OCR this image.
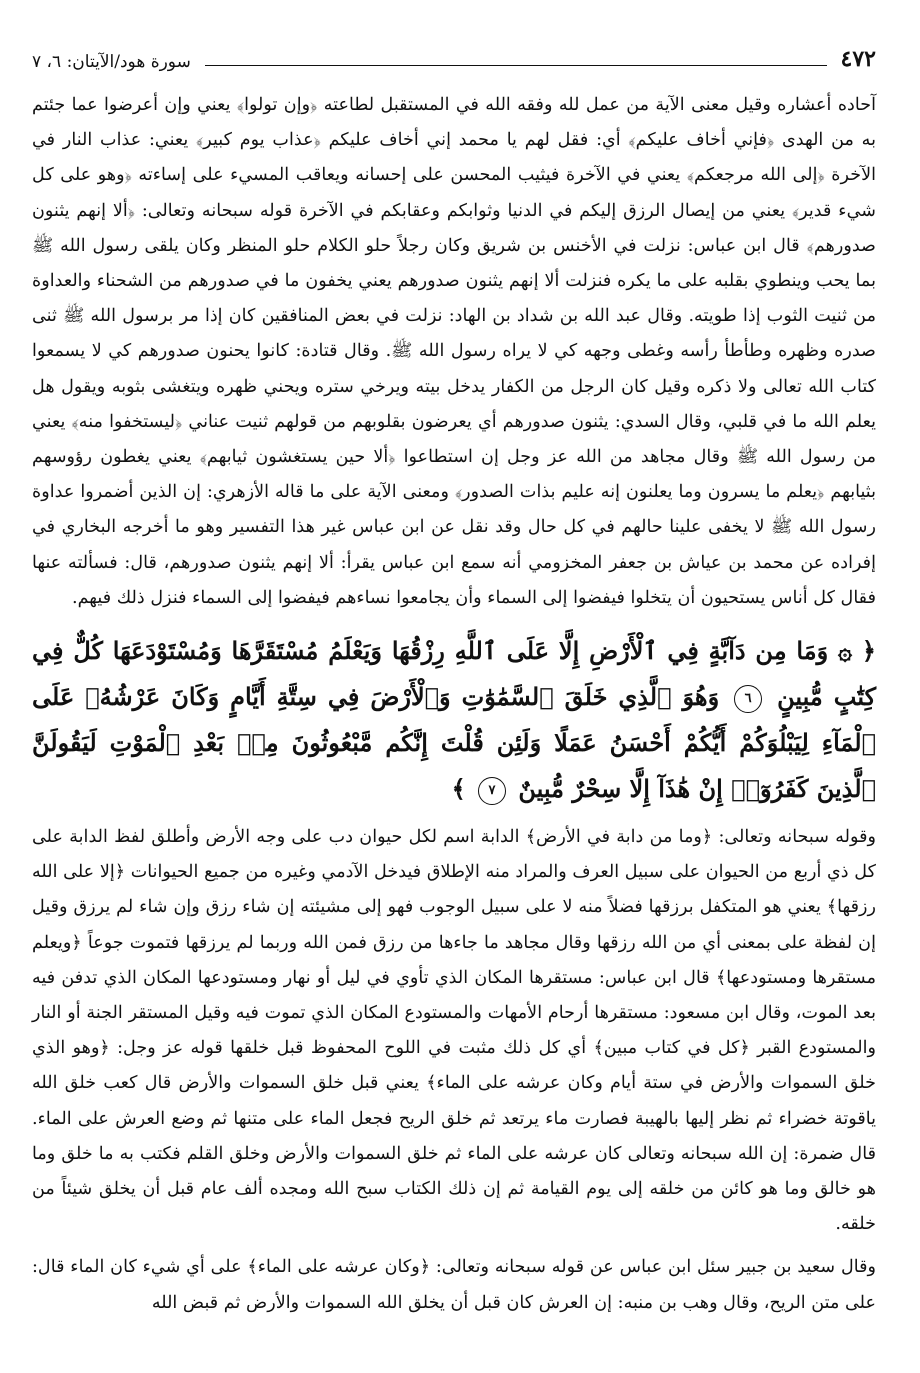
٤٧٢
سورة هود/الآيتان: ٦، ٧

آحاده أعشاره وقيل معنى الآية من عمل لله وفقه الله في المستقبل لطاعته ﴿وإن تولوا﴾ يعني وإن أعرضوا عما جئتم به من الهدى ﴿فإني أخاف عليكم﴾ أي: فقل لهم يا محمد إني أخاف عليكم ﴿عذاب يوم كبير﴾ يعني: عذاب النار في الآخرة ﴿إلى الله مرجعكم﴾ يعني في الآخرة فيثيب المحسن على إحسانه ويعاقب المسيء على إساءته ﴿وهو على كل شيء قدير﴾ يعني من إيصال الرزق إليكم في الدنيا وثوابكم وعقابكم في الآخرة قوله سبحانه وتعالى: ﴿ألا إنهم يثنون صدورهم﴾ قال ابن عباس: نزلت في الأخنس بن شريق وكان رجلاً حلو الكلام حلو المنظر وكان يلقى رسول الله ﷺ بما يحب وينطوي بقلبه على ما يكره فنزلت ألا إنهم يثنون صدورهم يعني يخفون ما في صدورهم من الشحناء والعداوة من ثنيت الثوب إذا طويته. وقال عبد الله بن شداد بن الهاد: نزلت في بعض المنافقين كان إذا مر برسول الله ﷺ ثنى صدره وظهره وطأطأ رأسه وغطى وجهه كي لا يراه رسول الله ﷺ. وقال قتادة: كانوا يحنون صدورهم كي لا يسمعوا كتاب الله تعالى ولا ذكره وقيل كان الرجل من الكفار يدخل بيته ويرخي ستره ويحني ظهره ويتغشى بثوبه ويقول هل يعلم الله ما في قلبي، وقال السدي: يثنون صدورهم أي يعرضون بقلوبهم من قولهم ثنيت عناني ﴿ليستخفوا منه﴾ يعني من رسول الله ﷺ وقال مجاهد من الله عز وجل إن استطاعوا ﴿ألا حين يستغشون ثيابهم﴾ يعني يغطون رؤوسهم بثيابهم ﴿يعلم ما يسرون وما يعلنون إنه عليم بذات الصدور﴾ ومعنى الآية على ما قاله الأزهري: إن الذين أضمروا عداوة رسول الله ﷺ لا يخفى علينا حالهم في كل حال وقد نقل عن ابن عباس غير هذا التفسير وهو ما أخرجه البخاري في إفراده عن محمد بن عياش بن جعفر المخزومي أنه سمع ابن عباس يقرأ: ألا إنهم يثنون صدورهم، قال: فسألته عنها فقال كل أناس يستحيون أن يتخلوا فيفضوا إلى السماء وأن يجامعوا نساءهم فيفضوا إلى السماء فنزل ذلك فيهم.

﴿ ۞ وَمَا مِن دَآبَّةٍ فِي ٱلْأَرْضِ إِلَّا عَلَى ٱللَّهِ رِزْقُهَا وَيَعْلَمُ مُسْتَقَرَّهَا وَمُسْتَوْدَعَهَا كُلٌّ فِي كِتَٰبٍ مُّبِينٍ ٦ وَهُوَ ٱلَّذِي خَلَقَ ٱلسَّمَٰوَٰتِ وَٱلْأَرْضَ فِي سِتَّةِ أَيَّامٍ وَكَانَ عَرْشُهُۥ عَلَى ٱلْمَآءِ لِيَبْلُوَكُمْ أَيُّكُمْ أَحْسَنُ عَمَلًا وَلَئِن قُلْتَ إِنَّكُم مَّبْعُوثُونَ مِنۢ بَعْدِ ٱلْمَوْتِ لَيَقُولَنَّ ٱلَّذِينَ كَفَرُوٓا۟ إِنْ هَٰذَآ إِلَّا سِحْرٌ مُّبِينٌ ٧ ﴾

وقوله سبحانه وتعالى: ﴿وما من دابة في الأرض﴾ الدابة اسم لكل حيوان دب على وجه الأرض وأطلق لفظ الدابة على كل ذي أربع من الحيوان على سبيل العرف والمراد منه الإطلاق فيدخل الآدمي وغيره من جميع الحيوانات ﴿إلا على الله رزقها﴾ يعني هو المتكفل برزقها فضلاً منه لا على سبيل الوجوب فهو إلى مشيئته إن شاء رزق وإن شاء لم يرزق وقيل إن لفظة على بمعنى أي من الله رزقها وقال مجاهد ما جاءها من رزق فمن الله وربما لم يرزقها فتموت جوعاً ﴿ويعلم مستقرها ومستودعها﴾ قال ابن عباس: مستقرها المكان الذي تأوي في ليل أو نهار ومستودعها المكان الذي تدفن فيه بعد الموت، وقال ابن مسعود: مستقرها أرحام الأمهات والمستودع المكان الذي تموت فيه وقيل المستقر الجنة أو النار والمستودع القبر ﴿كل في كتاب مبين﴾ أي كل ذلك مثبت في اللوح المحفوظ قبل خلقها قوله عز وجل: ﴿وهو الذي خلق السموات والأرض في ستة أيام وكان عرشه على الماء﴾ يعني قبل خلق السموات والأرض قال كعب خلق الله ياقوتة خضراء ثم نظر إليها بالهيبة فصارت ماء يرتعد ثم خلق الريح فجعل الماء على متنها ثم وضع العرش على الماء. قال ضمرة: إن الله سبحانه وتعالى كان عرشه على الماء ثم خلق السموات والأرض وخلق القلم فكتب به ما خلق وما هو خالق وما هو كائن من خلقه إلى يوم القيامة ثم إن ذلك الكتاب سبح الله ومجده ألف عام قبل أن يخلق شيئاً من خلقه.

وقال سعيد بن جبير سئل ابن عباس عن قوله سبحانه وتعالى: ﴿وكان عرشه على الماء﴾ على أي شيء كان الماء قال: على متن الريح، وقال وهب بن منبه: إن العرش كان قبل أن يخلق الله السموات والأرض ثم قبض الله
